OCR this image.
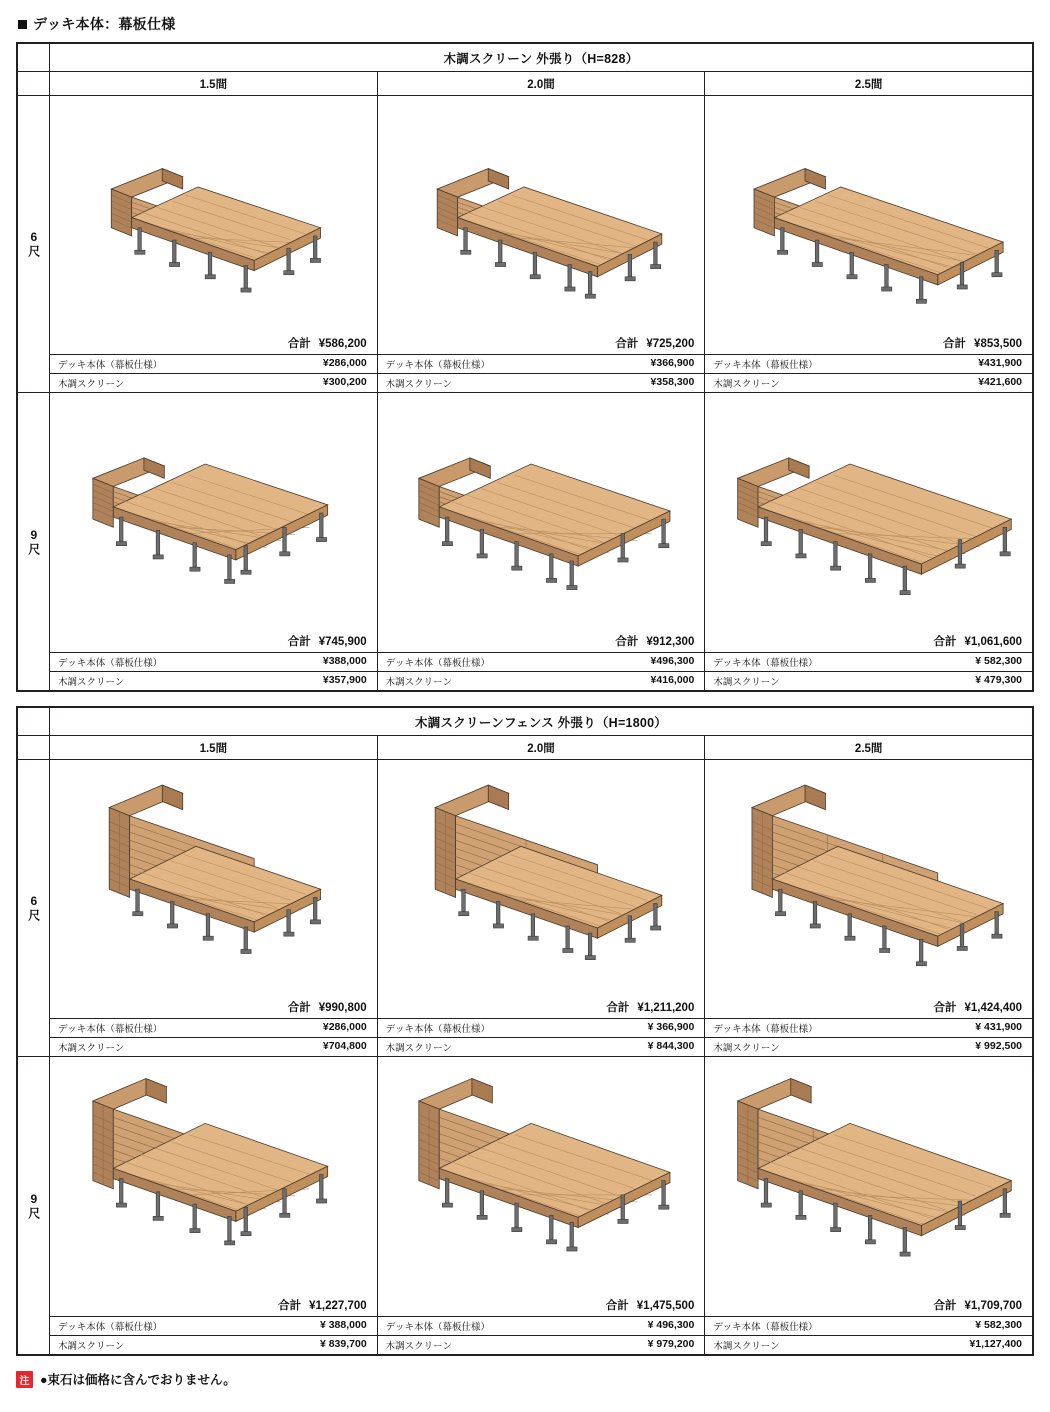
デッキ本体：幕板仕様
木調スクリーン 外張り（H=828）
1.5間	2.0間	2.5間
6尺
合計 ¥586,200
デッキ本体（幕板仕様）	¥286,000
木調スクリーン	¥300,200
合計 ¥725,200
デッキ本体（幕板仕様）	¥366,900
木調スクリーン	¥358,300
合計 ¥853,500
デッキ本体（幕板仕様）	¥431,900
木調スクリーン	¥421,600
9尺
合計 ¥745,900
デッキ本体（幕板仕様）	¥388,000
木調スクリーン	¥357,900
合計 ¥912,300
デッキ本体（幕板仕様）	¥496,300
木調スクリーン	¥416,000
合計 ¥1,061,600
デッキ本体（幕板仕様）	¥ 582,300
木調スクリーン	¥ 479,300
木調スクリーンフェンス 外張り（H=1800）
1.5間	2.0間	2.5間
6尺
合計 ¥990,800
デッキ本体（幕板仕様）	¥286,000
木調スクリーン	¥704,800
合計 ¥1,211,200
デッキ本体（幕板仕様）	¥ 366,900
木調スクリーン	¥ 844,300
合計 ¥1,424,400
デッキ本体（幕板仕様）	¥ 431,900
木調スクリーン	¥ 992,500
9尺
合計 ¥1,227,700
デッキ本体（幕板仕様）	¥ 388,000
木調スクリーン	¥ 839,700
合計 ¥1,475,500
デッキ本体（幕板仕様）	¥ 496,300
木調スクリーン	¥ 979,200
合計 ¥1,709,700
デッキ本体（幕板仕様）	¥ 582,300
木調スクリーン	¥1,127,400
注 ●束石は価格に含んでおりません。
